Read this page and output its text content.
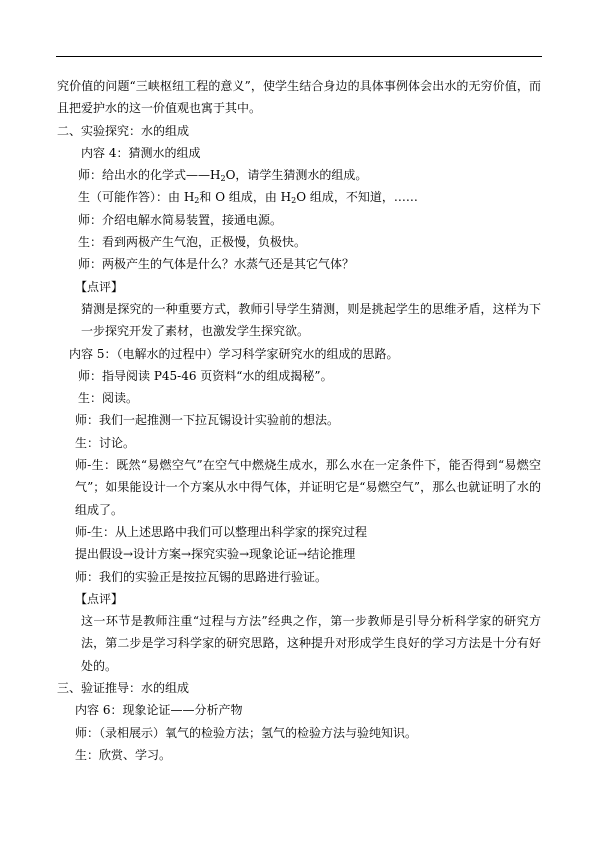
究价值的问题“三峡枢纽工程的意义”，使学生结合身边的具体事例体会出水的无穷价值，而且把爱护水的这一价值观也寓于其中。

二、实验探究：水的组成

内容 4：猜测水的组成

师：给出水的化学式$——H_2O$，请学生猜测水的组成。

生（可能作答）：由 $H_2$和 O 组成，由 $H_2O$ 组成，不知道，……

师：介绍电解水简易装置，接通电源。

生：看到两极产生气泡，正极慢，负极快。

师：两极产生的气体是什么？水蒸气还是其它气体？

【点评】

猜测是探究的一种重要方式，教师引导学生猜测，则是挑起学生的思维矛盾，这样为下一步探究开发了素材，也激发学生探究欲。

内容 5：（电解水的过程中）学习科学家研究水的组成的思路。

师：指导阅读 P45-46 页资料“水的组成揭秘”。

生：阅读。

师：我们一起推测一下拉瓦锡设计实验前的想法。

生：讨论。

师-生：既然“易燃空气”在空气中燃烧生成水，那么水在一定条件下，能否得到“易燃空气”；如果能设计一个方案从水中得气体，并证明它是“易燃空气”，那么也就证明了水的组成了。

师-生：从上述思路中我们可以整理出科学家的探究过程

提出假设→设计方案→探究实验→现象论证→结论推理

师：我们的实验正是按拉瓦锡的思路进行验证。

【点评】

这一环节是教师注重“过程与方法”经典之作，第一步教师是引导分析科学家的研究方法，第二步是学习科学家的研究思路，这种提升对形成学生良好的学习方法是十分有好处的。

三、验证推导：水的组成

内容 6：现象论证——分析产物

师：（录相展示）氧气的检验方法；氢气的检验方法与验纯知识。

生：欣赏、学习。
